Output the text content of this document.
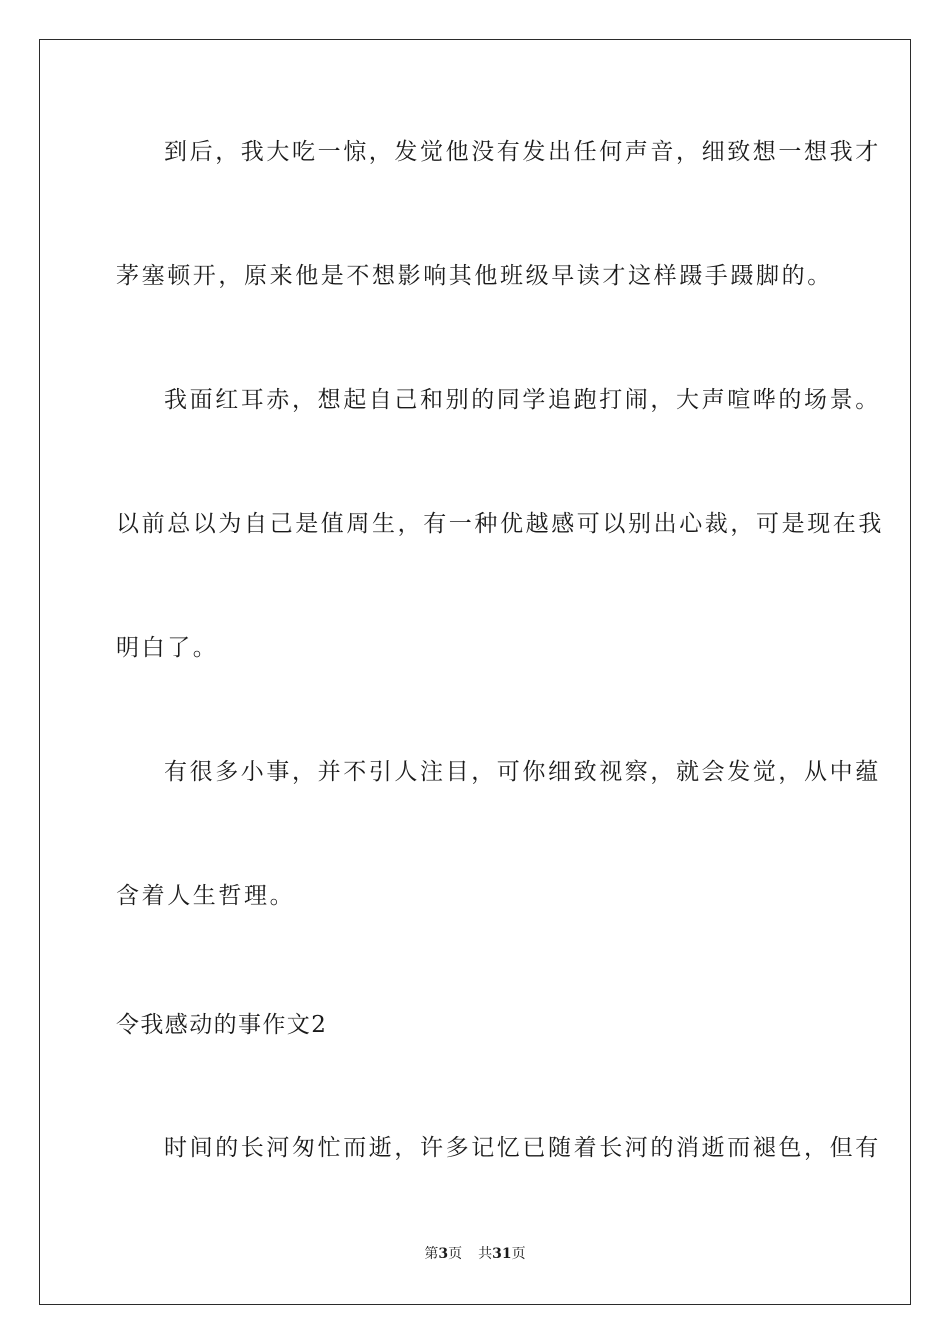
到后，我大吃一惊，发觉他没有发出任何声音，细致想一想我才
茅塞顿开，原来他是不想影响其他班级早读才这样蹑手蹑脚的。
我面红耳赤，想起自己和别的同学追跑打闹，大声喧哗的场景。
以前总以为自己是值周生，有一种优越感可以别出心裁，可是现在我
明白了。
有很多小事，并不引人注目，可你细致视察，就会发觉，从中蕴
含着人生哲理。
令我感动的事作文2
时间的长河匆忙而逝，许多记忆已随着长河的消逝而褪色，但有
第3页 共31页
